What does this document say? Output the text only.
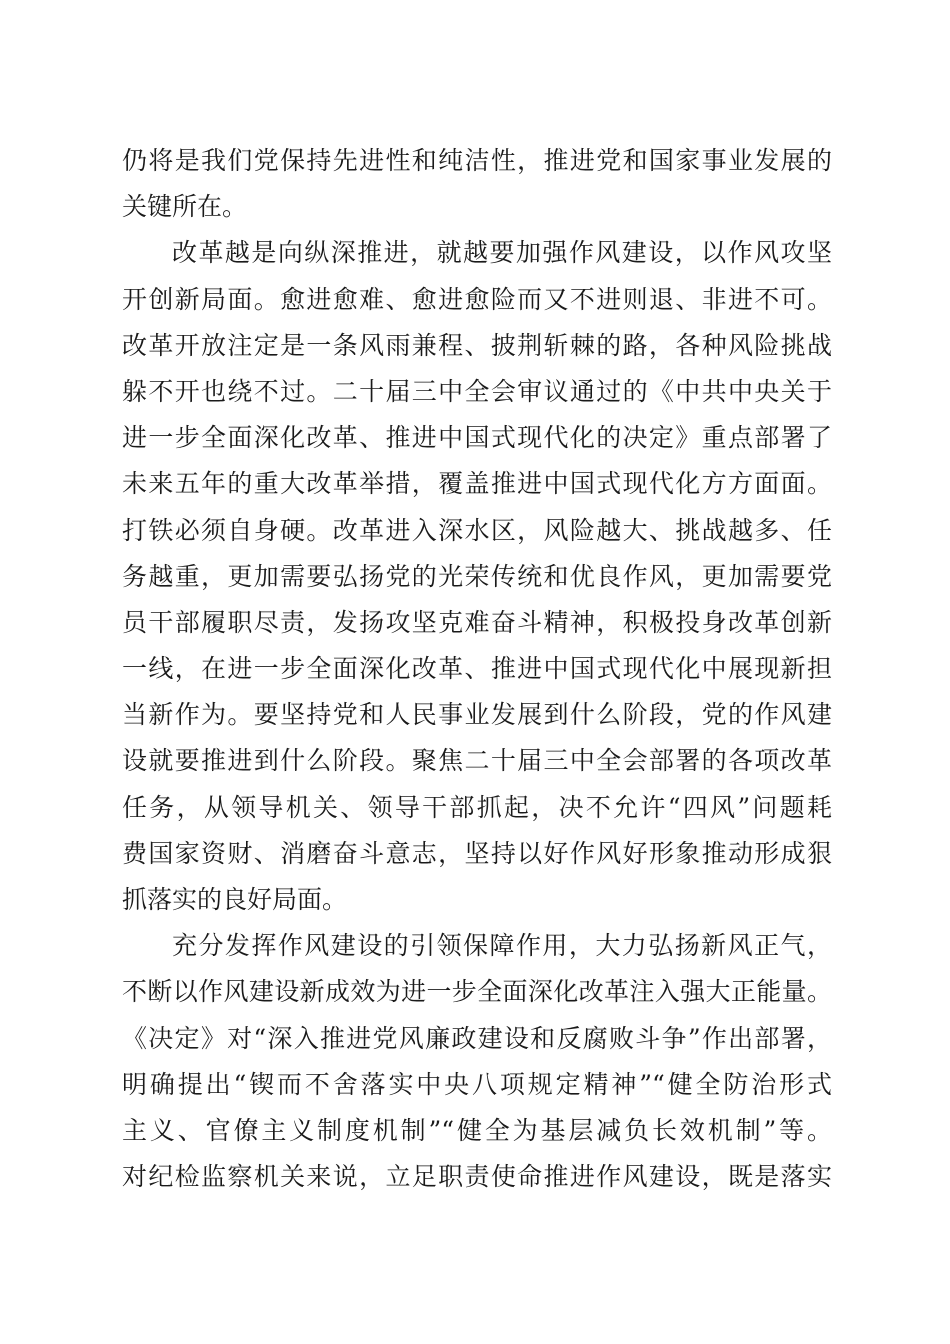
仍将是我们党保持先进性和纯洁性，推进党和国家事业发展的
关键所在。
改革越是向纵深推进，就越要加强作风建设，以作风攻坚
开创新局面。愈进愈难、愈进愈险而又不进则退、非进不可。
改革开放注定是一条风雨兼程、披荆斩棘的路，各种风险挑战
躲不开也绕不过。二十届三中全会审议通过的《中共中央关于
进一步全面深化改革、推进中国式现代化的决定》重点部署了
未来五年的重大改革举措，覆盖推进中国式现代化方方面面。
打铁必须自身硬。改革进入深水区，风险越大、挑战越多、任
务越重，更加需要弘扬党的光荣传统和优良作风，更加需要党
员干部履职尽责，发扬攻坚克难奋斗精神，积极投身改革创新
一线，在进一步全面深化改革、推进中国式现代化中展现新担
当新作为。要坚持党和人民事业发展到什么阶段，党的作风建
设就要推进到什么阶段。聚焦二十届三中全会部署的各项改革
任务，从领导机关、领导干部抓起，决不允许“四风”问题耗
费国家资财、消磨奋斗意志，坚持以好作风好形象推动形成狠
抓落实的良好局面。
充分发挥作风建设的引领保障作用，大力弘扬新风正气，
不断以作风建设新成效为进一步全面深化改革注入强大正能量。
《决定》对“深入推进党风廉政建设和反腐败斗争”作出部署，
明确提出“锲而不舍落实中央八项规定精神”“健全防治形式
主义、官僚主义制度机制”“健全为基层减负长效机制”等。
对纪检监察机关来说，立足职责使命推进作风建设，既是落实
